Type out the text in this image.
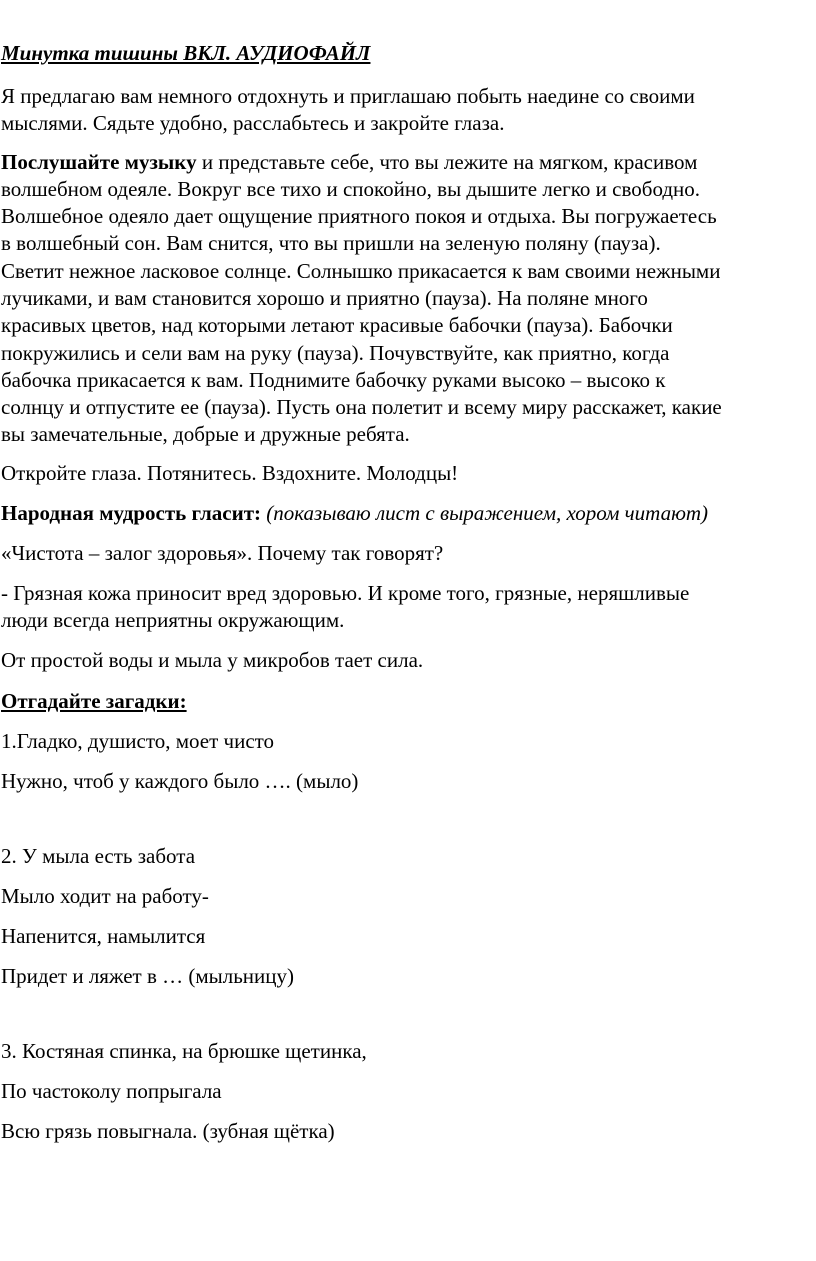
Минутка тишины ВКЛ. АУДИОФАЙЛ
Я предлагаю вам немного отдохнуть и приглашаю побыть наедине со своими
мыслями. Сядьте удобно, расслабьтесь и закройте глаза.
Послушайте музыку и представьте себе, что вы лежите на мягком, красивом
волшебном одеяле. Вокруг все тихо и спокойно, вы дышите легко и свободно.
Волшебное одеяло дает ощущение приятного покоя и отдыха. Вы погружаетесь
в волшебный сон. Вам снится, что вы пришли на зеленую поляну (пауза).
Светит нежное ласковое солнце. Солнышко прикасается к вам своими нежными
лучиками, и вам становится хорошо и приятно (пауза). На поляне много
красивых цветов, над которыми летают красивые бабочки (пауза). Бабочки
покружились и сели вам на руку (пауза). Почувствуйте, как приятно, когда
бабочка прикасается к вам. Поднимите бабочку руками высоко – высоко к
солнцу и отпустите ее (пауза). Пусть она полетит и всему миру расскажет, какие
вы замечательные, добрые и дружные ребята.
Откройте глаза. Потянитесь. Вздохните. Молодцы!
Народная мудрость гласит: (показываю лист с выражением, хором читают)
«Чистота – залог здоровья». Почему так говорят?
- Грязная кожа приносит вред здоровью. И кроме того, грязные, неряшливые
люди всегда неприятны окружающим.
От простой воды и мыла у микробов тает сила.
Отгадайте загадки:
1.Гладко, душисто, моет чисто
Нужно, чтоб у каждого было …. (мыло)
2. У мыла есть забота
Мыло ходит на работу-
Напенится, намылится
Придет и ляжет в … (мыльницу)
3. Костяная спинка, на брюшке щетинка,
По частоколу попрыгала
Всю грязь повыгнала. (зубная щётка)
